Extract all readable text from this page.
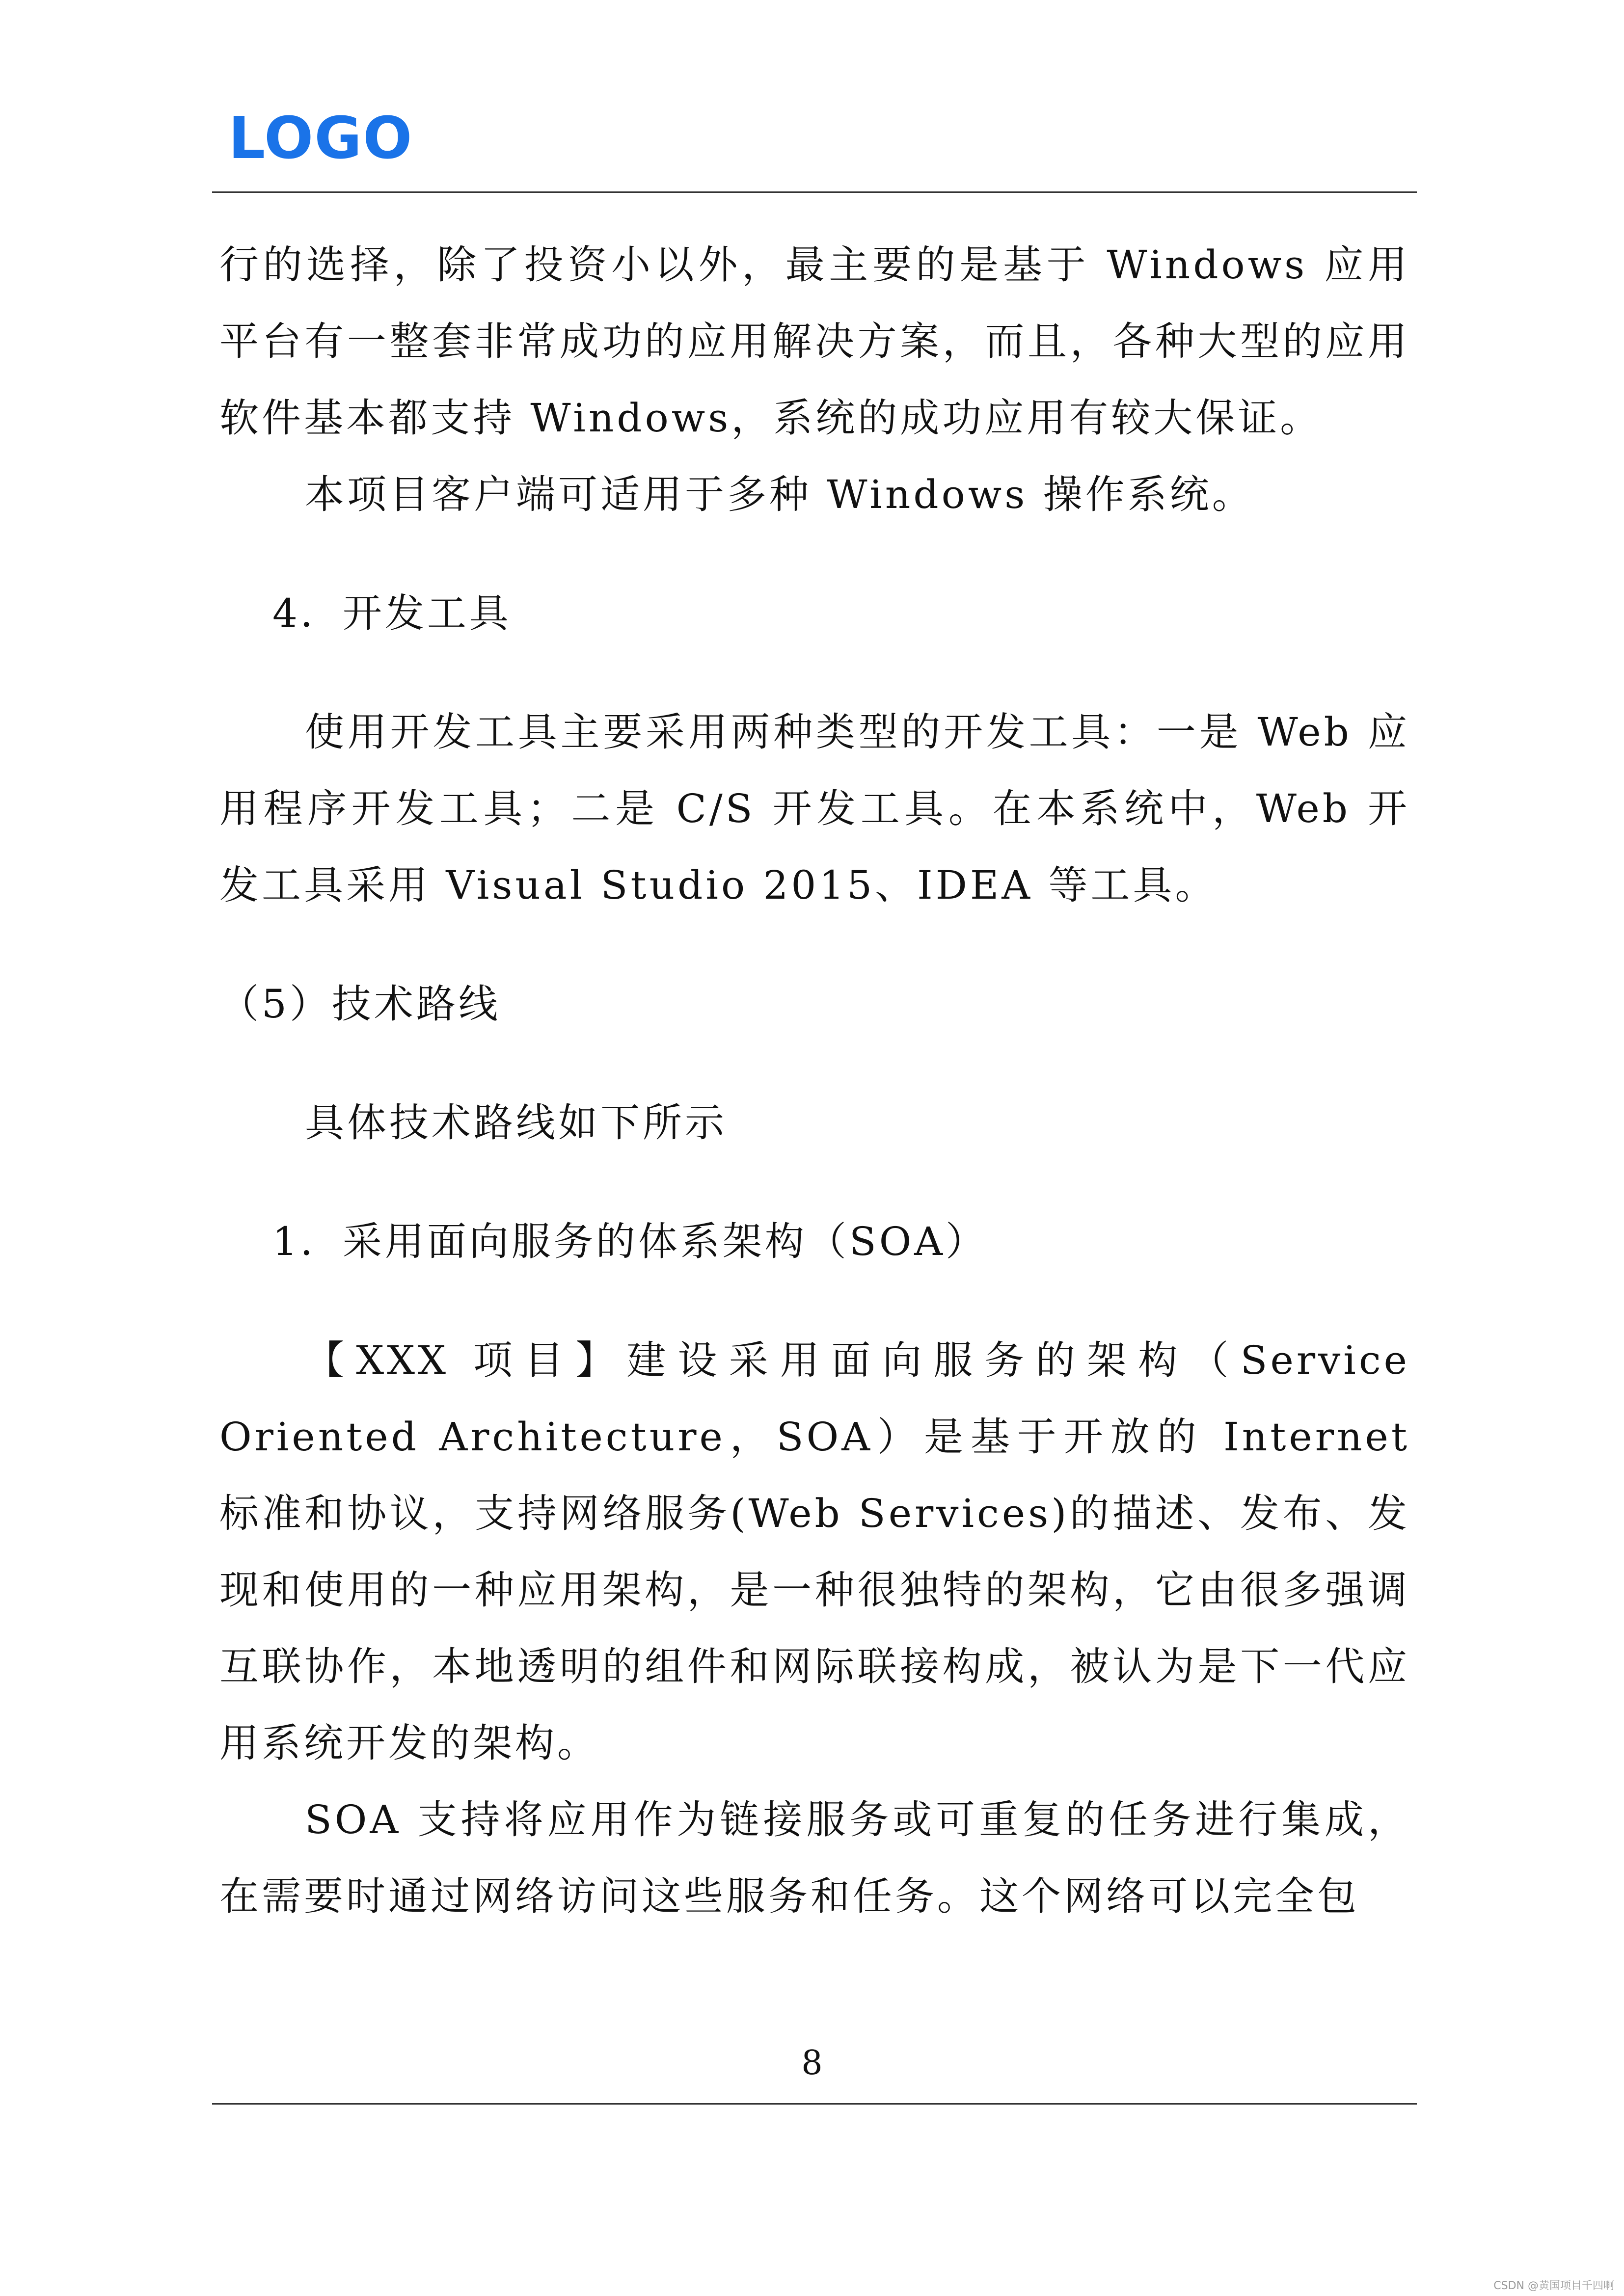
LOGO

行的选择，除了投资小以外，最主要的是基于 Windows 应用平台有一整套非常成功的应用解决方案，而且，各种大型的应用软件基本都支持 Windows，系统的成功应用有较大保证。

本项目客户端可适用于多种 Windows 操作系统。

4．开发工具

使用开发工具主要采用两种类型的开发工具：一是 Web 应用程序开发工具；二是 C/S 开发工具。在本系统中，Web 开发工具采用 Visual Studio 2015、IDEA 等工具。

（5）技术路线

具体技术路线如下所示

1．采用面向服务的体系架构（SOA）

【XXX 项目】建设采用面向服务的架构（Service Oriented Architecture，SOA）是基于开放的 Internet 标准和协议，支持网络服务(Web Services)的描述、发布、发现和使用的一种应用架构，是一种很独特的架构，它由很多强调互联协作，本地透明的组件和网际联接构成，被认为是下一代应用系统开发的架构。

SOA 支持将应用作为链接服务或可重复的任务进行集成，在需要时通过网络访问这些服务和任务。这个网络可以完全包

8
CSDN @黄国项目千四啊
